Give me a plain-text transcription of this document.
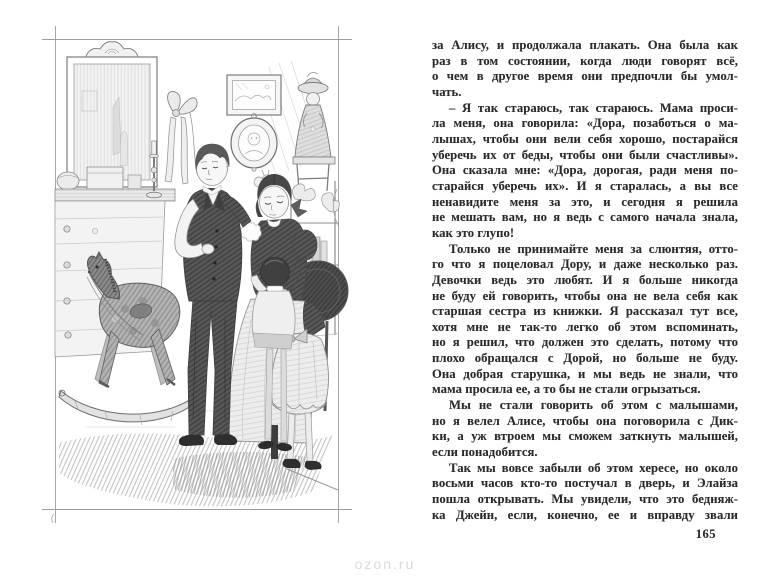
за Алису, и продолжала плакать. Она была как
раз в том состоянии, когда люди говорят всё,
о чем в другое время они предпочли бы умол-
чать.
– Я так стараюсь, так стараюсь. Мама проси-
ла меня, она говорила: «Дора, позаботься о ма-
лышах, чтобы они вели себя хорошо, постарайся
уберечь их от беды, чтобы они были счастливы».
Она сказала мне: «Дора, дорогая, ради меня по-
старайся уберечь их». И я старалась, а вы все
ненавидите меня за это, и сегодня я решила
не мешать вам, но я ведь с самого начала знала,
как это глупо!
Только не принимайте меня за слюнтяя, отто-
го что я поцеловал Дору, и даже несколько раз.
Девочки ведь это любят. И я больше никогда
не буду ей говорить, чтобы она не вела себя как
старшая сестра из книжки. Я рассказал тут все,
хотя мне не так-то легко об этом вспоминать,
но я решил, что должен это сделать, потому что
плохо обращался с Дорой, но больше не буду.
Она добрая старушка, и мы ведь не знали, что
мама просила ее, а то бы не стали огрызаться.
Мы не стали говорить об этом с малышами,
но я велел Алисе, чтобы она поговорила с Дик-
ки, а уж втроем мы сможем заткнуть малышей,
если понадобится.
Так мы вовсе забыли об этом хересе, но около
восьми часов кто-то постучал в дверь, и Элайза
пошла открывать. Мы увидели, что это бедняж-
ка Джейн, если, конечно, ее и вправду звали
165
ozon.ru
